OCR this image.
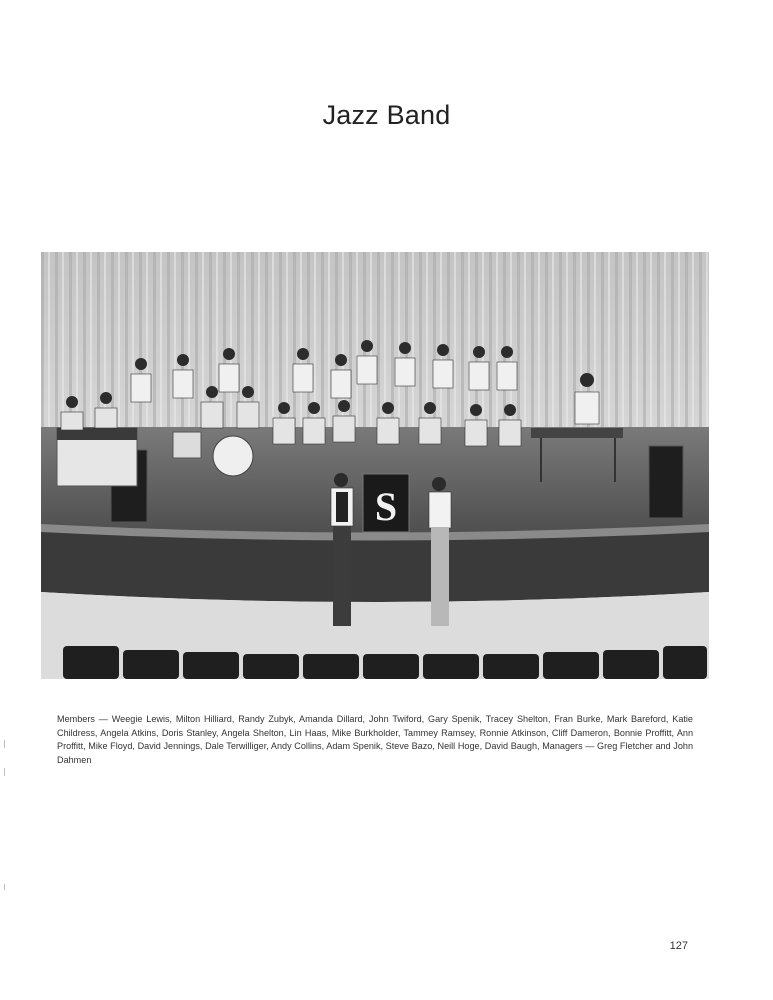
Jazz Band
S

Members — Weegie Lewis, Milton Hilliard, Randy Zubyk, Amanda Dillard, John Twiford, Gary Spenik, Tracey Shelton, Fran Burke, Mark Bareford, Katie Childress, Angela Atkins, Doris Stanley, Angela Shelton, Lin Haas, Mike Burkholder, Tammey Ramsey, Ronnie Atkinson, Cliff Dameron, Bonnie Proffitt, Ann Proffitt, Mike Floyd, David Jennings, Dale Terwilliger, Andy Collins, Adam Spenik, Steve Bazo, Neill Hoge, David Baugh, Managers — Greg Fletcher and John Dahmen

127
